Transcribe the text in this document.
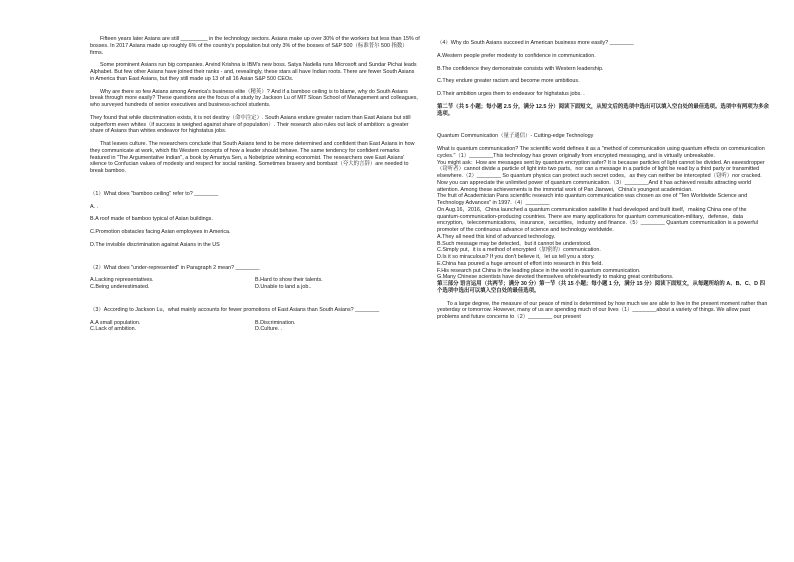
Fifteen years later Asians are still _________ in the technology sectors. Asians make up over 30% of the workers but less than 15% of bosses. In 2017 Asians made up roughly 6% of the country's population but only 3% of the bosses of S&P 500（标准普尔 500 指数）firms.

Some prominent Asians run big companies. Arvind Krishna is IBM's new boss. Satya Nadella runs Microsoft and Sundar Pichai leads Alphabet. But few other Asians have joined their ranks - and, revealingly, these stars all have Indian roots. There are fewer South Asians in America than East Asians, but they still made up 13 of all 16 Asian S&P 500 CEOs.

Why are there so few Asians among America's business elite（精英）? And if a bamboo ceiling is to blame, why do South Asians break through more easily? These questions are the focus of a study by Jackson Lu of MIT Sloan School of Management and colleagues, who surveyed hundreds of senior executives and business-school students.

They found that while discrimination exists, it is not destiny（命中注定）. South Asians endure greater racism than East Asians but still outperform even whites（if success is weighed against share of population）. Their research also rules out lack of ambition: a greater share of Asians than whites endeavor for highstatus jobs.

That leaves culture. The researchers conclude that South Asians tend to be more determined and confident than East Asians in how they communicate at work, which fits Western concepts of how a leader should behave. The same tendency for confident remarks featured in "The Argumentative Indian", a book by Amartya Sen, a Nobelprize winning economist. The researchers owe East Asians' silence to Confucian values of modesty and respect for social ranking. Sometimes bravery and bombast（夸大的言辞）are needed to break bamboo.

（1）What does "bamboo ceiling" refer to? ________

A. .

B.A roof made of bamboo typical of Asian buildings.

C.Promotion obstacles facing Asian employees in America.

D.The invisible discrimination against Asians in the US

（2）What does "under-represented" in Paragraph 2 mean? ________

A.Lacking representatives.	B.Hard to show their talents.
C.Being underestimated.	D.Unable to land a job..

（3）According to Jackson Lu，what mainly accounts for fewer promotions of East Asians than South Asians? ________

A.A small population.	B.Discrimination.
C.Lack of ambition.	D.Culture. .

（4）Why do South Asians succeed in American business more easily? ________

A.Western people prefer modesty to confidence in communication.

B.The confidence they demonstrate consists with Western leadership.

C.They endure greater racism and become more ambitious.

D.Their ambition urges them to endeavor for highstatus jobs. .

第二节（共 5 小题；每小题 2.5 分，满分 12.5 分）阅读下面短文，从短文后的选项中选出可以填入空白处的最佳选项。选项中有两项为多余选项。

Quantum Communication（量子通信）- Cutting-edge Technology

What is quantum communication? The scientific world defines it as a "method of communication using quantum effects on communication cycles."（1）________This technology has grown originally from encrypted messaging, and is virtually unbreakable.

You might ask：How are messages sent by quantum encryption safer? It is because particles of light cannot be divided. An eavesdropper（窃听者）cannot divide a particle of light into two parts，nor can a message in a particle of light be read by a third party or transmitted elsewhere.（2）________ So quantum physics can protect such secret codes，as they can neither be intercepted（窃听）nor cracked.

Now you can appreciate the unlimited power of quantum communication.（3）________And it has achieved results attracting world attention. Among these achievements is the immortal work of Pan Jianwei，China's youngest academician.

The fruit of Academician Pans scientific research into quantum communication was chosen as one of "Ten Worldwide Science and Technology Advances" in 1997.（4）________

On Aug.16，2016，China launched a quantum communication satellite it had developed and built itself，making China one of the quantum-communication-producing countries. There are many applications for quantum communication-military，defense，data encryption，telecommunications，insurance，securities，industry and finance.（5）________ Quantum communication is a powerful promoter of the continuous advance of science and technology worldwide.

A.They all need this kind of advanced technology.

B.Such message may be detected，but it cannot be understood.

C.Simply put，it is a method of encrypted（加密的）communication.

D.Is it so miraculous? If you don't believe it，let us tell you a story.

E.China has poured a huge amount of effort into research in this field.

F.His research put China in the leading place in the world in quantum communication.

G.Many Chinese scientists have devoted themselves wholeheartedly to making great contributions.

第三部分 语言运用（共两节；满分 30 分）第一节（共 15 小题；每小题 1 分，满分 15 分）阅读下面短文，从每题所给的 A、B、C、D 四个选项中选出可以填入空白处的最佳选项。

To a large degree, the measure of our peace of mind is determined by how much we are able to live in the present moment rather than yesterday or tomorrow. However, many of us are spending much of our lives（1）________about a variety of things. We allow past problems and future concerns to（2）________ our present
